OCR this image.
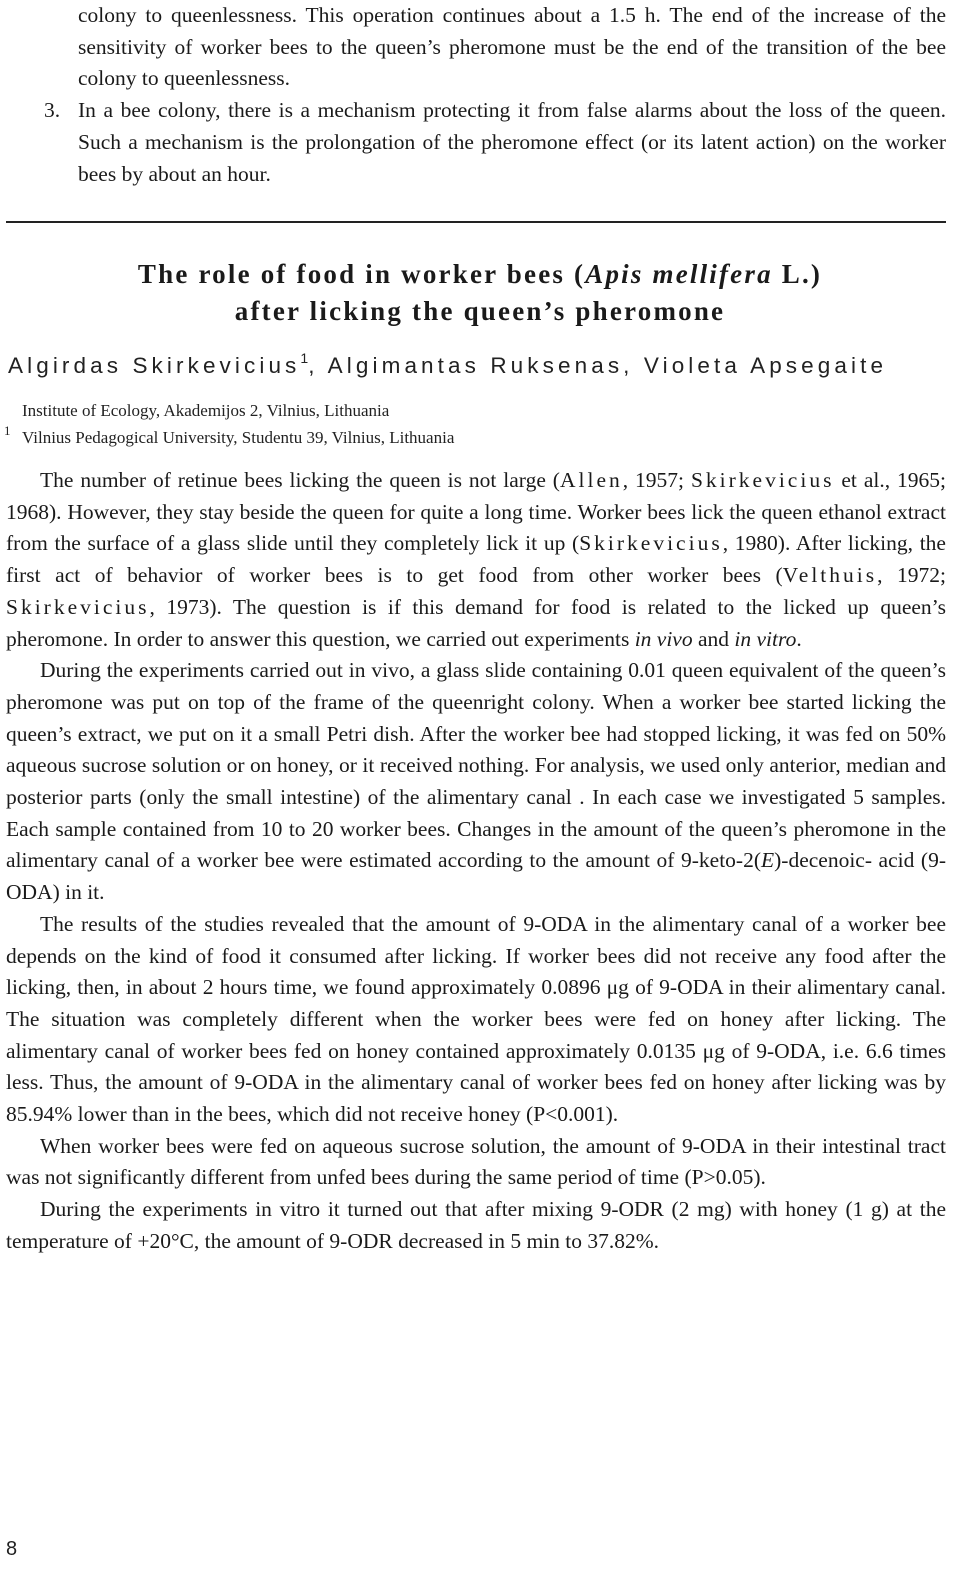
colony to queenlessness. This operation continues about a 1.5 h. The end of the increase of the sensitivity of worker bees to the queen’s pheromone must be the end of the transition of the bee colony to queenlessness.

3. In a bee colony, there is a mechanism protecting it from false alarms about the loss of the queen. Such a mechanism is the prolongation of the pheromone effect (or its latent action) on the worker bees by about an hour.

The role of food in worker bees (Apis mellifera L.)
after licking the queen’s pheromone
Algirdas Skirkevicius$^1$, Algimantas Ruksenas, Violeta Apsegaite
Institute of Ecology, Akademijos 2, Vilnius, Lithuania
Vilnius Pedagogical University, Studentu 39, Vilnius, Lithuania
1

The number of retinue bees licking the queen is not large (Allen, 1957; Skirkevicius et al., 1965; 1968). However, they stay beside the queen for quite a long time. Worker bees lick the queen ethanol extract from the surface of a glass slide until they completely lick it up (Skirkevicius, 1980). After licking, the first act of behavior of worker bees is to get food from other worker bees (Velthuis, 1972; Skirkevicius, 1973). The question is if this demand for food is related to the licked up queen’s pheromone. In order to answer this question, we carried out experiments in vivo and in vitro.

During the experiments carried out in vivo, a glass slide containing 0.01 queen equivalent of the queen’s pheromone was put on top of the frame of the queenright colony. When a worker bee started licking the queen’s extract, we put on it a small Petri dish. After the worker bee had stopped licking, it was fed on 50% aqueous sucrose solution or on honey, or it received nothing. For analysis, we used only anterior, median and posterior parts (only the small intestine) of the alimentary canal . In each case we investigated 5 samples. Each sample contained from 10 to 20 worker bees. Changes in the amount of the queen’s pheromone in the alimentary canal of a worker bee were estimated according to the amount of 9-keto-2(E)-decenoic- acid (9-ODA) in it.

The results of the studies revealed that the amount of 9-ODA in the alimentary canal of a worker bee depends on the kind of food it consumed after licking. If worker bees did not receive any food after the licking, then, in about 2 hours time, we found approximately 0.0896 μg of 9-ODA in their alimentary canal. The situation was completely different when the worker bees were fed on honey after licking. The alimentary canal of worker bees fed on honey contained approximately 0.0135 μg of 9-ODA, i.e. 6.6 times less. Thus, the amount of 9-ODA in the alimentary canal of worker bees fed on honey after licking was by 85.94% lower than in the bees, which did not receive honey (P<0.001).

When worker bees were fed on aqueous sucrose solution, the amount of 9-ODA in their intestinal tract was not significantly different from unfed bees during the same period of time (P>0.05).

During the experiments in vitro it turned out that after mixing 9-ODR (2 mg) with honey (1 g) at the temperature of +20°C, the amount of 9-ODR decreased in 5 min to 37.82%.

8
